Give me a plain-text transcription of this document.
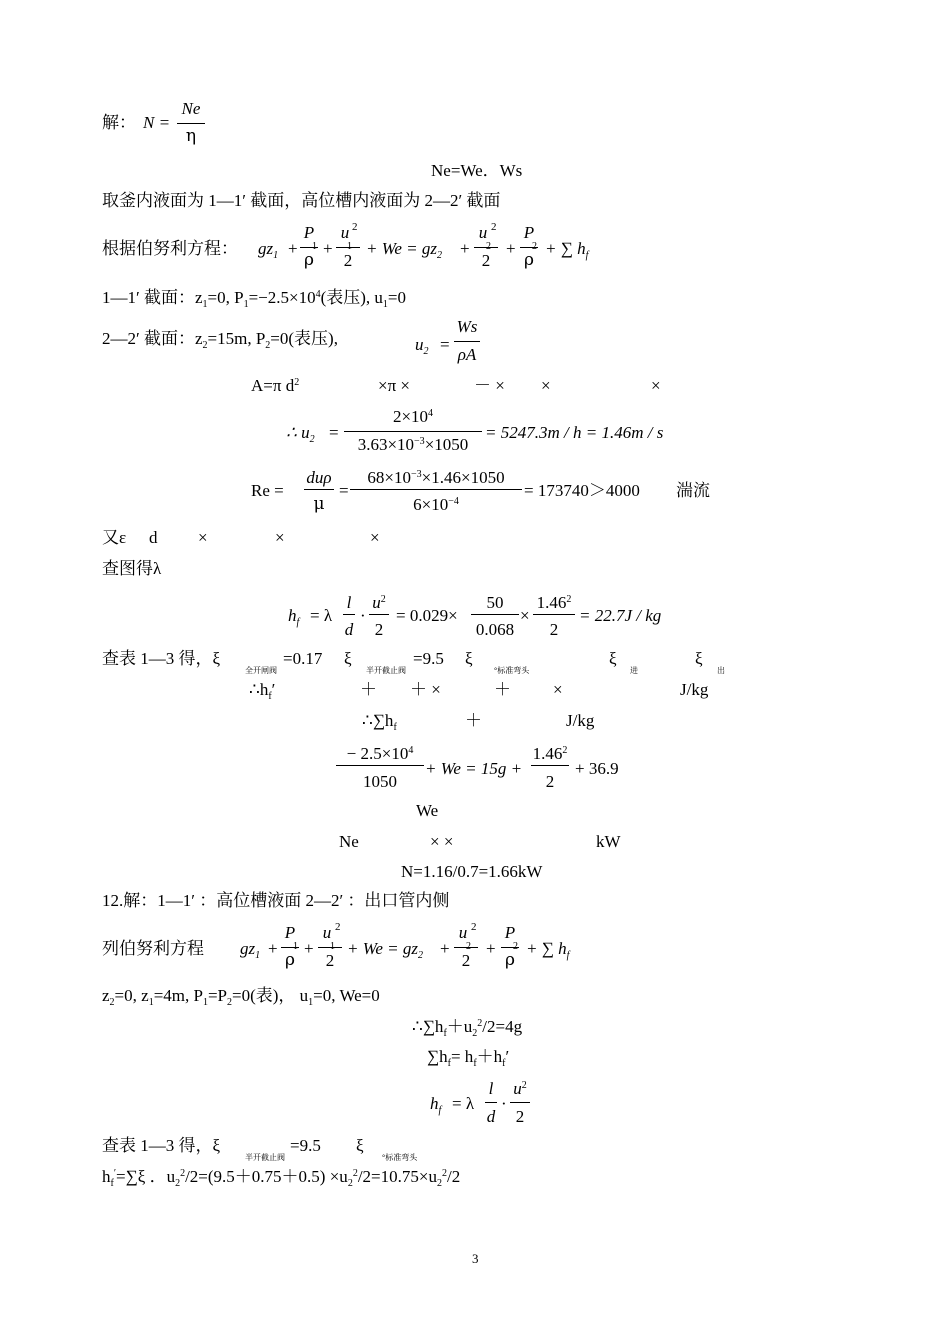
解： N =
Ne
η
Ne=We．Ws
取釜内液面为 1—1′ 截面，高位槽内液面为 2—2′ 截面
根据伯努利方程： $gz_1$ +
P
ρ
+
u 2
2
+ $We = gz_2$ +
u 2
2
+
P
ρ
+ ∑ $h_f$
1—1′ 截面：$z_1=0$, $P_1=-2.5\times 10^4$(表压), $u_1=0$
2—2′ 截面：$z_2=15m$, $P_2=0$(表压),	$u_2$ =
Ws
ρA
A=π $d^2$	×π ×	－ × ×	×
∴ $u_2$ =
$2\times 10^4$
$3.63\times 10^{-3}\times 1050$
= 5247.3m / h = 1.46m / s
Re =
duρ
μ
=
$68\times 10^{-3}\times 1.46\times 1050$
$6\times 10^{-4}$
= 173740＞4000 湍流
又ε d ×	×	×
查图得λ
$h_f = \lambda$
l
d
·
$u^2$
2
= 0.029×
50
0.068
×
$1.46^2$
2
= 22.7J / kg
查表 1—3 得，ξ
全开闸阀
=0.17 ξ
半开截止阀
=9.5 ξ
°标准弯头
ξ
进
ξ
出
$\therefore h_f'$	＋ ＋ ×	＋ ×	J/kg
$\therefore\sum h_f$	＋	J/kg
− $2.5\times 10^4$
1050
+ We = 15g +
$1.46^2$
2
+ 36.9
We
Ne	× ×	kW
N=1.16/0.7=1.66kW
12.解：1—1′ ：高位槽液面 2—2′ ：出口管内侧
列伯努利方程 $gz_1$ +
P
ρ
+
u 2
2
+ $We = gz_2$ +
u 2
2
+
P
ρ
+ ∑ $h_f$
$z_2=0$, $z_1=4m$, $P_1=P_2=0$(表)， $u_1=0$, We=0
$\therefore\sum h_f+u_2^2/2=4g$
$\sum h_f= h_f+h_f'$
$h_f = \lambda$
l
d
·
$u^2$
2
查表 1—3 得，ξ
半开截止阀
=9.5 ξ
°标准弯头
$h_f'=\sum\xi$ ．$u_2^2/2=(9.5+0.75+0.5) \times u_2^2/2=10.75\times u_2^2/2$
3
